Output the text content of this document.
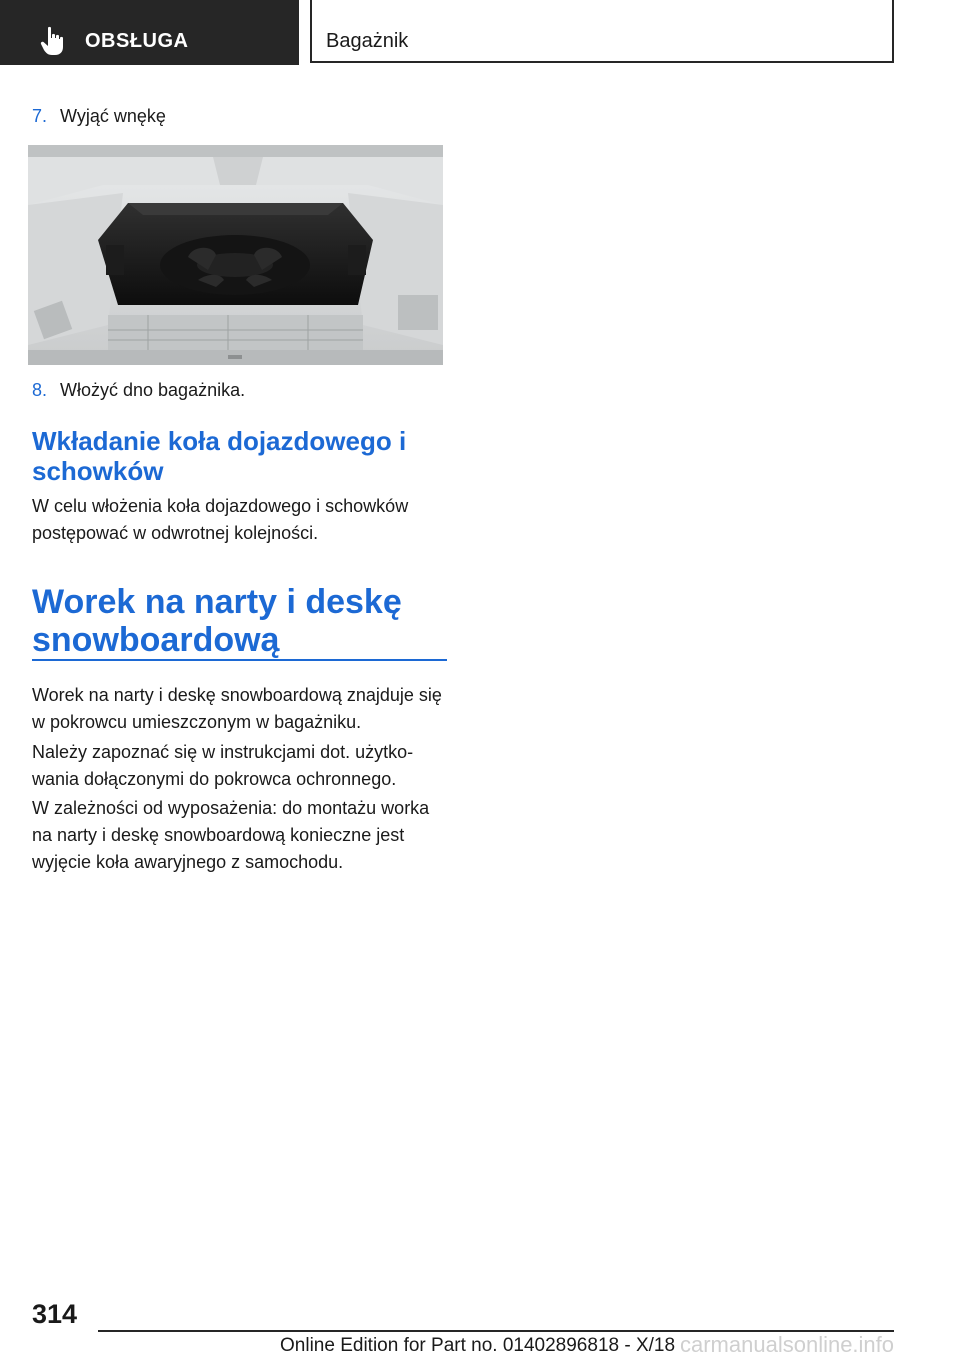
OBSŁUGA	Bagażnik
7. Wyjąć wnękę
8. Włożyć dno bagażnika.
Wkładanie koła dojazdowego i schowków
W celu włożenia koła dojazdowego i schowków postępować w odwrotnej kolejności.
Worek na narty i deskę snowboardową
Worek na narty i deskę snowboardową znajduje się w pokrowcu umieszczonym w bagażniku.
Należy zapoznać się w instrukcjami dot. użytkowania dołączonymi do pokrowca ochronnego.
W zależności od wyposażenia: do montażu worka na narty i deskę snowboardową konieczne jest wyjęcie koła awaryjnego z samochodu.
314
Online Edition for Part no. 01402896818 - X/18 carmanualsonline.info
